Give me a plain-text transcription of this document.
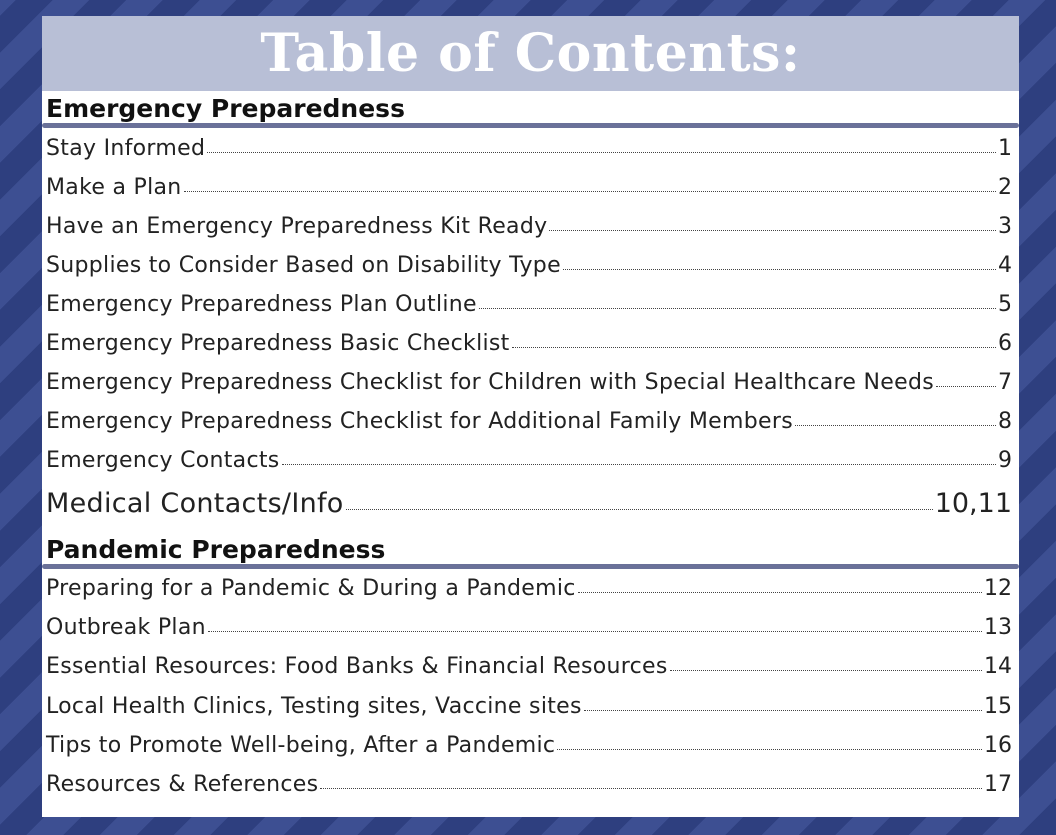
Table of Contents:
Emergency Preparedness
Stay Informed	1
Make a Plan	2
Have an Emergency Preparedness Kit Ready	3
Supplies to Consider Based on Disability Type	4
Emergency Preparedness Plan Outline	5
Emergency Preparedness Basic Checklist	6
Emergency Preparedness Checklist for Children with Special Healthcare Needs	7
Emergency Preparedness Checklist for Additional Family Members	8
Emergency Contacts	9
Medical Contacts/Info	10,11
Pandemic Preparedness
Preparing for a Pandemic & During a Pandemic	12
Outbreak Plan	13
Essential Resources: Food Banks & Financial Resources	14
Local Health Clinics, Testing sites, Vaccine sites	15
Tips to Promote Well-being, After a Pandemic	16
Resources & References	17
